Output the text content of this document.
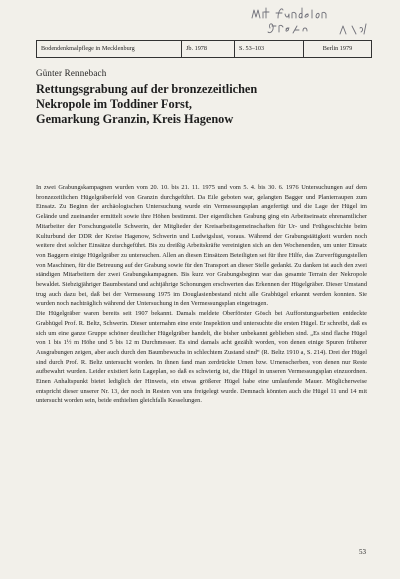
Bodendenkmalpflege in Mecklenburg	Jb. 1978	S. 53–103	Berlin 1979
Günter Rennebach
Rettungsgrabung auf der bronzezeitlichen
Nekropole im Toddiner Forst,
Gemarkung Granzin, Kreis Hagenow

In zwei Grabungskampagnen wurden vom 20. 10. bis 21. 11. 1975 und vom 5. 4. bis 30. 6. 1976 Untersuchungen auf dem bronzezeitlichen Hügelgräberfeld von Granzin durchgeführt. Da Eile geboten war, gelangten Bagger und Planierraupen zum Einsatz. Zu Beginn der archäologischen Untersuchung wurde ein Vermessungsplan angefertigt und die Lage der Hügel im Gelände und zueinander ermittelt sowie ihre Höhen bestimmt. Der eigentlichen Grabung ging ein Arbeitseinsatz ehrenamtlicher Mitarbeiter der Forschungsstelle Schwerin, der Mitglieder der Kreisarbeitsgemeinschaften für Ur- und Frühgeschichte beim Kulturbund der DDR der Kreise Hagenow, Schwerin und Ludwigslust, voraus. Während der Grabungstätigkeit wurden noch weitere drei solcher Einsätze durchgeführt. Bis zu dreißig Arbeitskräfte vereinigten sich an den Wochenenden, um unter Einsatz von Baggern einige Hügelgräber zu untersuchen. Allen an diesen Einsätzen Beteiligten sei für ihre Hilfe, das Zurverfügungstellen von Maschinen, für die Betreuung auf der Grabung sowie für den Transport an dieser Stelle gedankt. Zu danken ist auch den zwei ständigen Mitarbeitern der zwei Grabungskampagnen. Bis kurz vor Grabungsbeginn war das gesamte Terrain der Nekropole bewaldet. Siebzigjähriger Baumbestand und achtjährige Schonungen erschwerten das Erkennen der Hügelgräber. Dieser Umstand trug auch dazu bei, daß bei der Vermessung 1975 im Douglasienbestand nicht alle Grabhügel erkannt werden konnten. Sie wurden noch nachträglich während der Untersuchung in den Vermessungsplan eingetragen.

Die Hügelgräber waren bereits seit 1907 bekannt. Damals meldete Oberförster Gösch bei Aufforstungsarbeiten entdeckte Grabhügel Prof. R. Beltz, Schwerin. Dieser unternahm eine erste Inspektion und untersuchte die ersten Hügel. Er schreibt, daß es sich um eine ganze Gruppe schöner deutlicher Hügelgräber handelt, die bisher unbekannt geblieben sind. „Es sind flache Hügel von 1 bis 1½ m Höhe und 5 bis 12 m Durchmesser. Es sind damals acht gezählt worden, von denen einige Spuren früherer Ausgrabungen zeigen, aber auch durch den Baumbewuchs in schlechtem Zustand sind“ (R. Beltz 1910 a, S. 214). Drei der Hügel sind durch Prof. R. Beltz untersucht worden. In ihnen fand man zerdrückte Urnen bzw. Urnenscherben, von denen nur Reste aufbewahrt wurden. Leider existiert kein Lageplan, so daß es schwierig ist, die Hügel in unseren Vermessungsplan einzuordnen. Einen Anhaltspunkt bietet lediglich der Hinweis, ein etwas größerer Hügel habe eine umlaufende Mauer. Möglicherweise entspricht dieser unserer Nr. 13, der noch in Resten von uns freigelegt wurde. Demnach könnten auch die Hügel 11 und 14 mit untersucht worden sein, beide enthielten gleichfalls Kesselungen.

53
